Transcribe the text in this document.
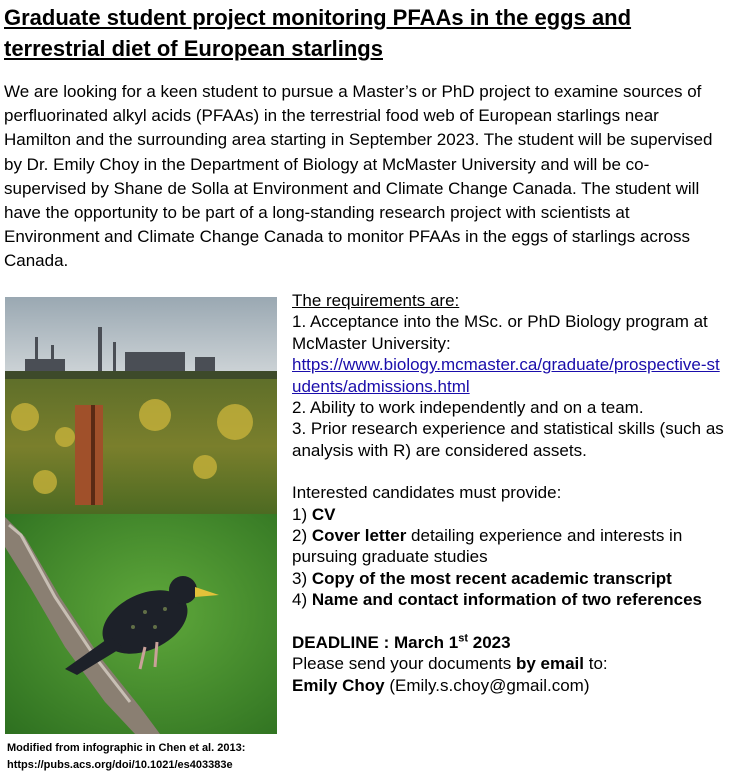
Graduate student project monitoring PFAAs in the eggs and terrestrial diet of European starlings

We are looking for a keen student to pursue a Master’s or PhD project to examine sources of perfluorinated alkyl acids (PFAAs) in the terrestrial food web of European starlings near Hamilton and the surrounding area starting in September 2023. The student will be supervised by Dr. Emily Choy in the Department of Biology at McMaster University and will be co-supervised by Shane de Solla at Environment and Climate Change Canada. The student will have the opportunity to be part of a long-standing research project with scientists at Environment and Climate Change Canada to monitor PFAAs in the eggs of starlings across Canada.

Modified from infographic in Chen et al. 2013:
https://pubs.acs.org/doi/10.1021/es403383e

The requirements are:

1. Acceptance into the MSc. or PhD Biology program at McMaster University:

https://www.biology.mcmaster.ca/graduate/prospective-students/admissions.html

2. Ability to work independently and on a team.

3. Prior research experience and statistical skills (such as analysis with R) are considered assets.

Interested candidates must provide:

1) CV

2) Cover letter detailing experience and interests in pursuing graduate studies

3) Copy of the most recent academic transcript

4) Name and contact information of two references

DEADLINE : March 1st 2023

Please send your documents by email to:

Emily Choy (Emily.s.choy@gmail.com)
